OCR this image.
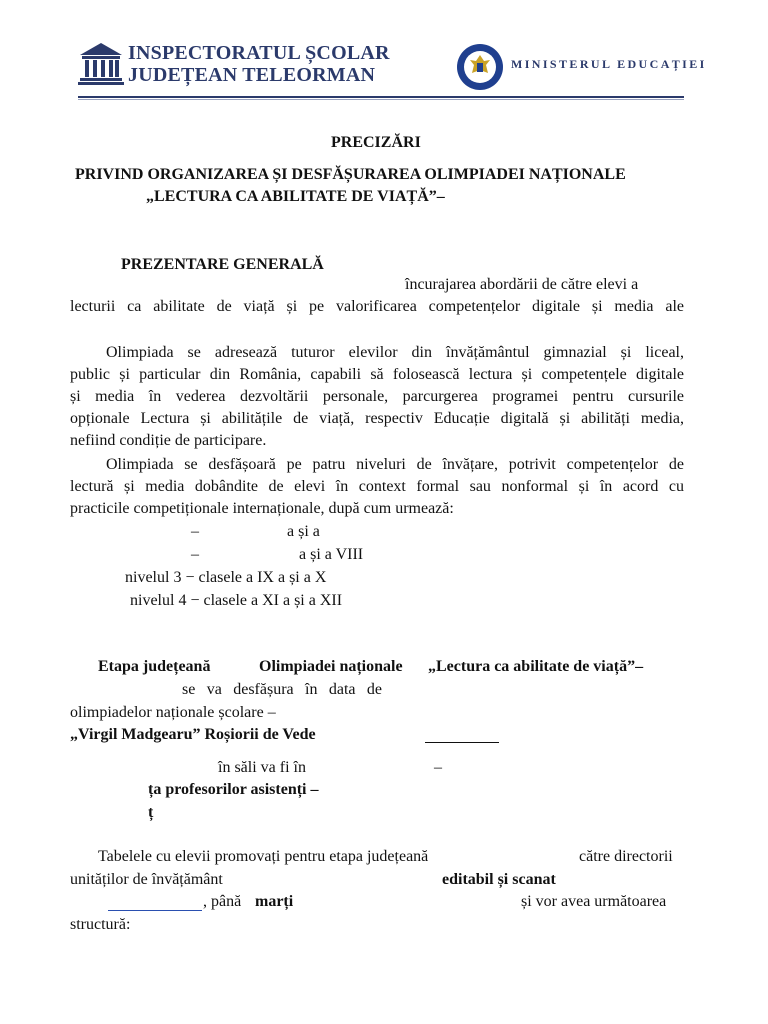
INSPECTORATUL ȘCOLAR
JUDEȚEAN TELEORMAN	MINISTERUL EDUCAȚIEI
PRECIZĂRI
PRIVIND ORGANIZAREA ȘI DESFĂȘURAREA OLIMPIADEI NAȚIONALE
„LECTURA CA ABILITATE DE VIAȚĂ”–
PREZENTARE GENERALĂ
încurajarea abordării de către elevi a
lecturii ca abilitate de viață și pe valorificarea competențelor digitale și media ale
Olimpiada se adresează tuturor elevilor din învățământul gimnazial și liceal,
public și particular din România, capabili să folosească lectura și competențele digitale
și media în vederea dezvoltării personale, parcurgerea programei pentru cursurile
opționale Lectura și abilitățile de viață, respectiv Educație digitală și abilități media,
nefiind condiție de participare.
Olimpiada se desfășoară pe patru niveluri de învățare, potrivit competențelor de
lectură și media dobândite de elevi în context formal sau nonformal și în acord cu
practicile competiționale internaționale, după cum urmează:
–	a și a
–	a și a VIII
nivelul 3 − clasele a IX a și a X
nivelul 4 − clasele a XI a și a XII
Etapa județeană	Olimpiadei naționale „Lectura ca abilitate de viață”–
se va desfășura în data de
olimpiadelor naționale școlare –
„Virgil Madgearu” Roșiorii de Vede
în săli va fi în	–
ța profesorilor asistenți –
ț
Tabelele cu elevii promovați pentru etapa județeană	către directorii
unităților de învățământ	editabil și scanat
, până marți	și vor avea următoarea
structură:
